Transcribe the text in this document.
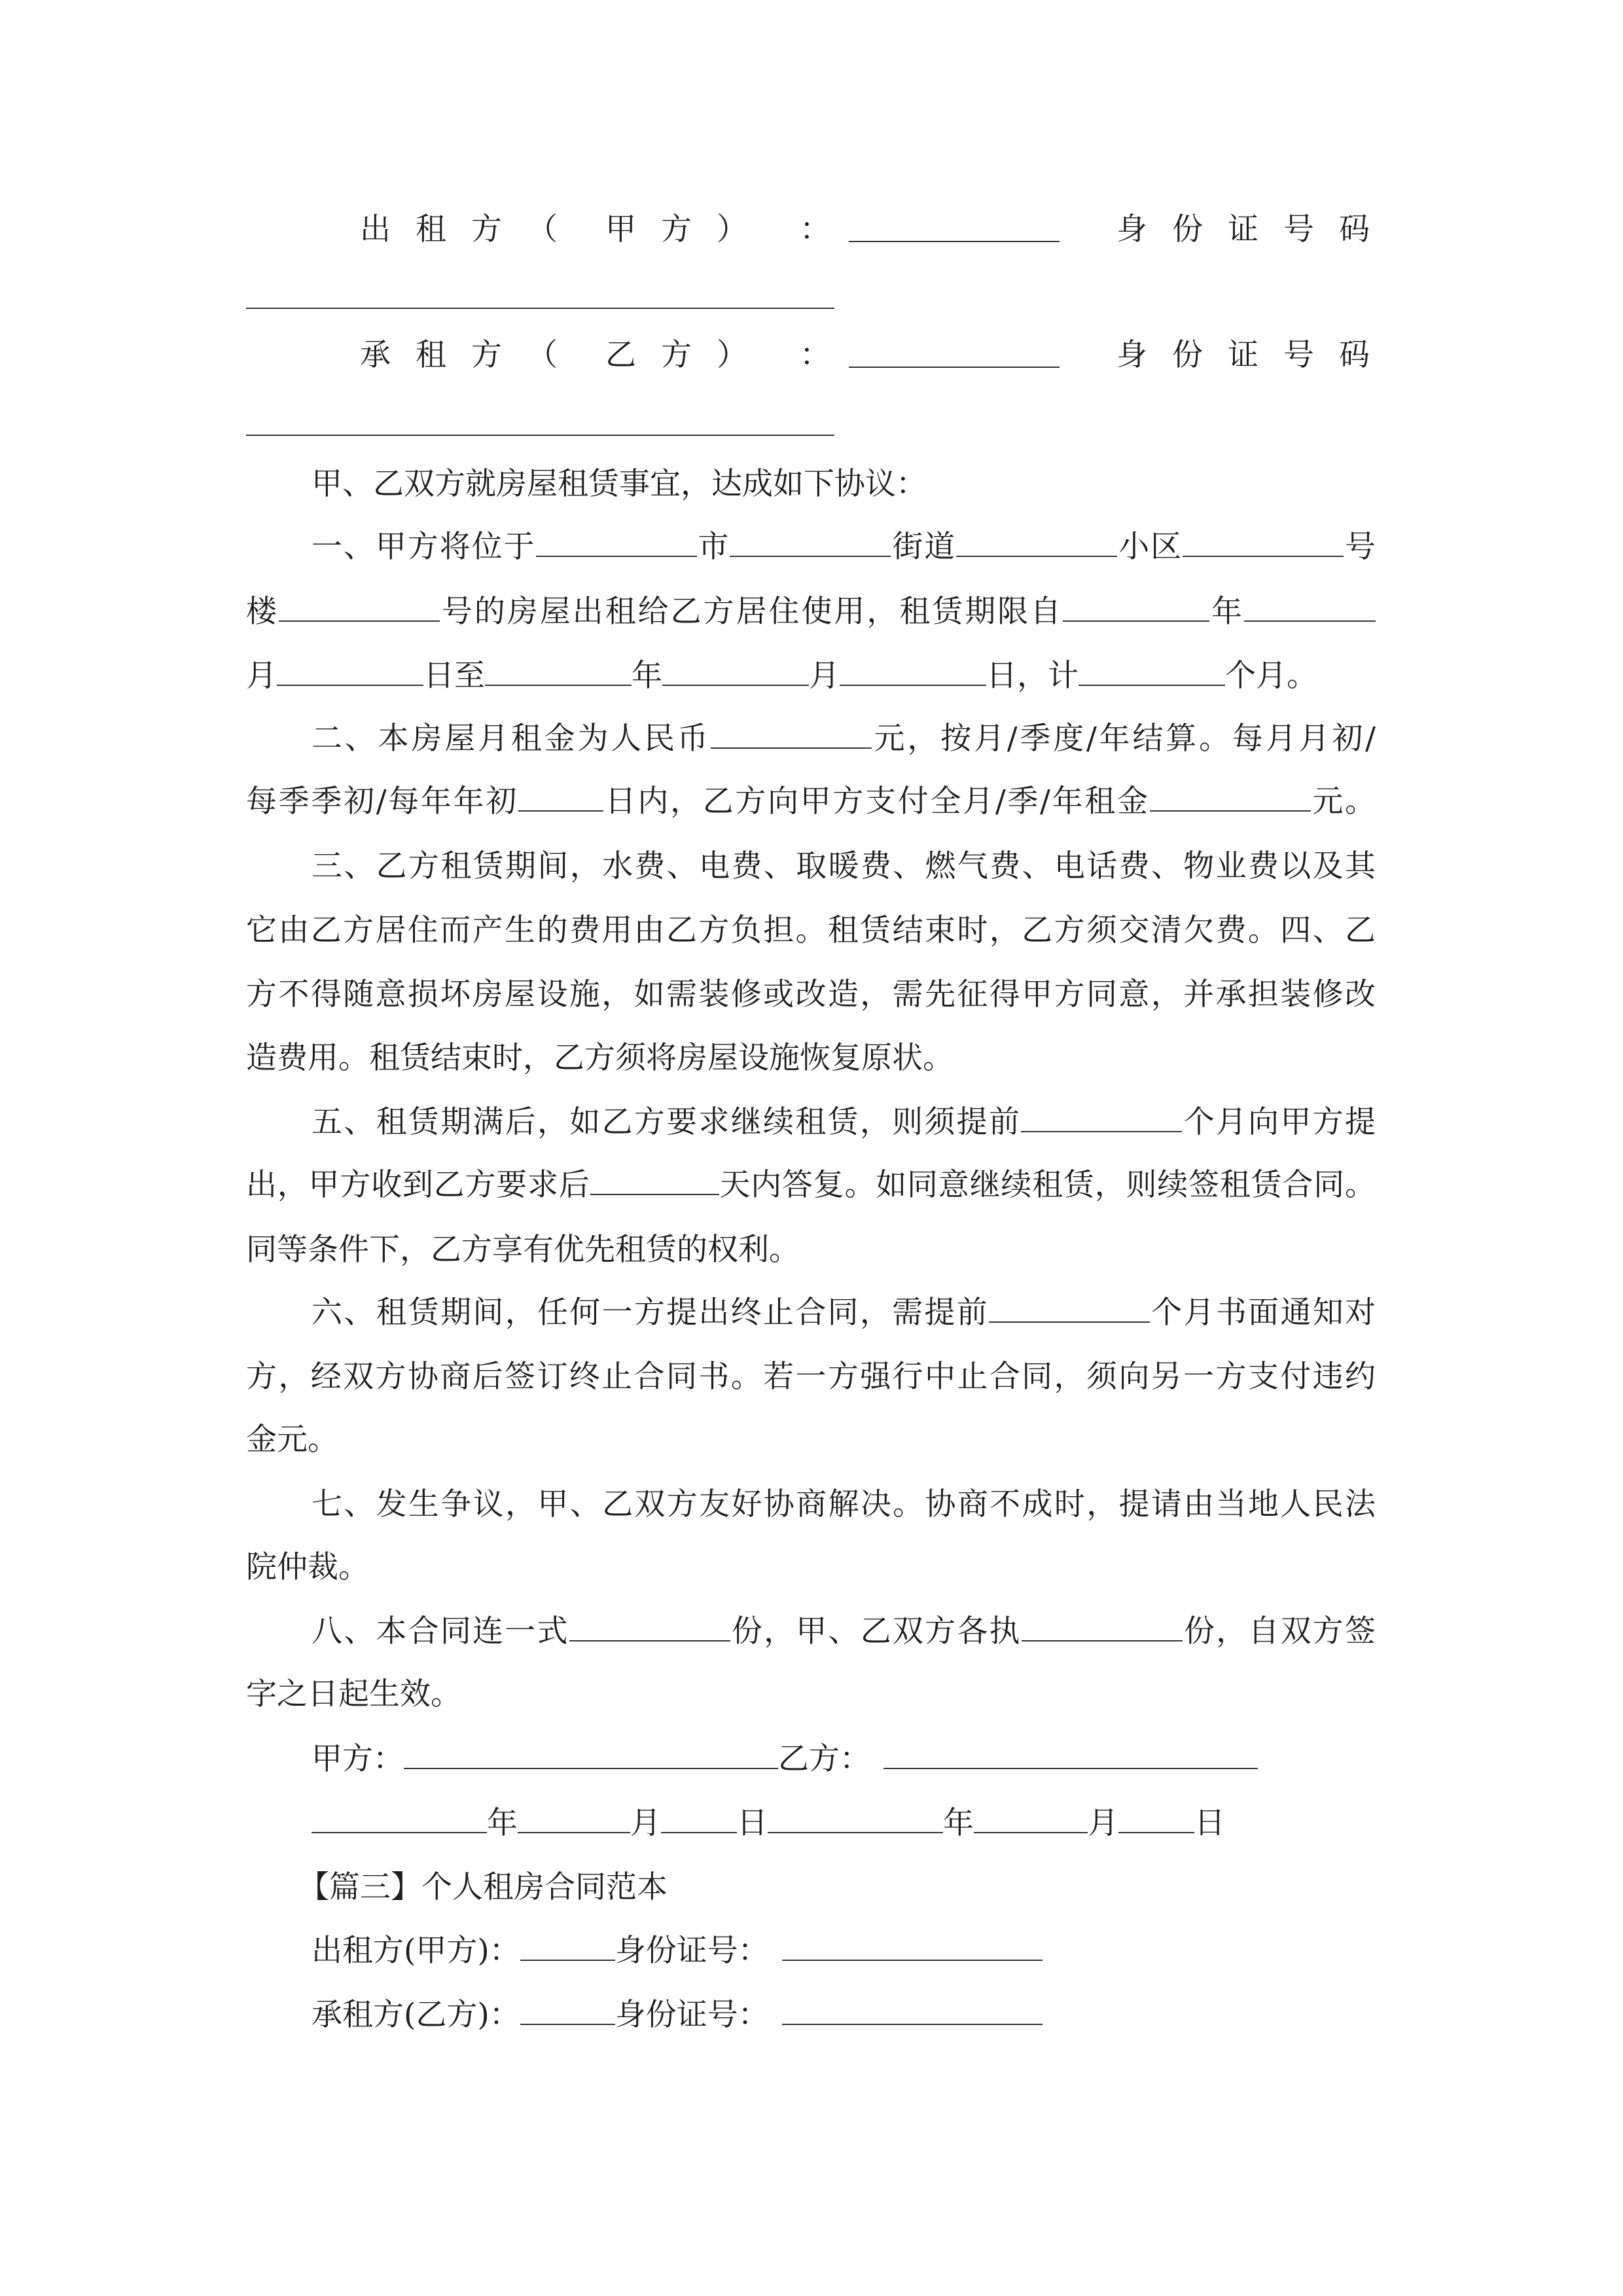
出租方（ 甲方） ：	身份证号码
承租方（ 乙方） ：	身份证号码
甲、乙双方就房屋租赁事宜，达成如下协议：
一、甲方将位于	市	街道	小区	号
楼	号的房屋出租给乙方居住使用，租赁期限自	年
月	日至	年	月	日，计	个月。
二、本房屋月租金为人民币	元，按月/季度/年结算。每月月初/
每季季初/每年年初	日内，乙方向甲方支付全月/季/年租金	元。
三、乙方租赁期间，水费、电费、取暖费、燃气费、电话费、物业费以及其
它由乙方居住而产生的费用由乙方负担。租赁结束时，乙方须交清欠费。四、乙
方不得随意损坏房屋设施，如需装修或改造，需先征得甲方同意，并承担装修改
造费用。租赁结束时，乙方须将房屋设施恢复原状。
五、租赁期满后，如乙方要求继续租赁，则须提前	个月向甲方提
出，甲方收到乙方要求后	天内答复。如同意继续租赁，则续签租赁合同。
同等条件下，乙方享有优先租赁的权利。
六、租赁期间，任何一方提出终止合同，需提前	个月书面通知对
方，经双方协商后签订终止合同书。若一方强行中止合同，须向另一方支付违约
金元。
七、发生争议，甲、乙双方友好协商解决。协商不成时，提请由当地人民法
院仲裁。
八、本合同连一式	份，甲、乙双方各执	份，自双方签
字之日起生效。
甲方：	乙方：
年	月 日	年	月 日
【篇三】个人租房合同范本
出租方(甲方)：	身份证号：
承租方(乙方)：	身份证号：
